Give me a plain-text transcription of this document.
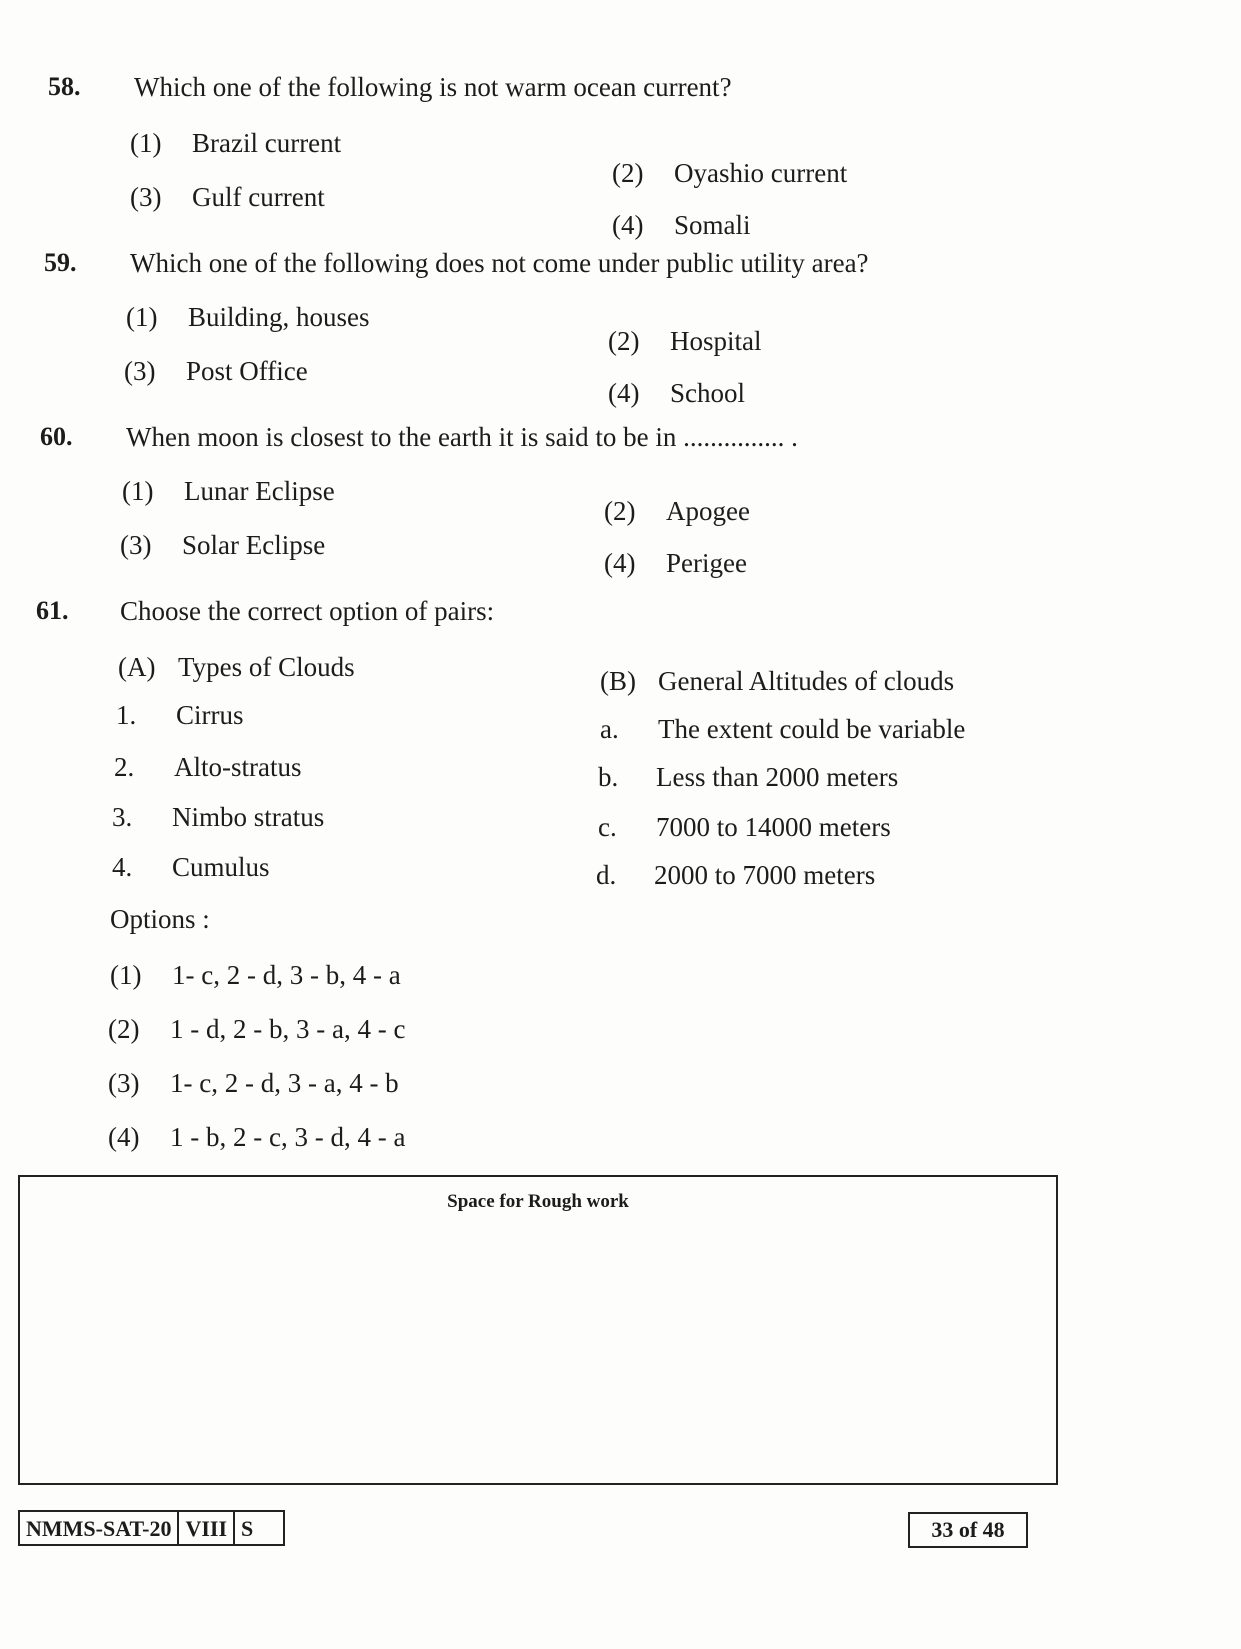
58. Which one of the following is not warm ocean current?
(1) Brazil current
(2) Oyashio current
(3) Gulf current
(4) Somali
59. Which one of the following does not come under public utility area?
(1) Building, houses
(2) Hospital
(3) Post Office
(4) School
60. When moon is closest to the earth it is said to be in ............... .
(1) Lunar Eclipse
(2) Apogee
(3) Solar Eclipse
(4) Perigee
61. Choose the correct option of pairs:
(A) Types of Clouds	(B) General Altitudes of clouds
1. Cirrus
2. Alto-stratus
3. Nimbo stratus
4. Cumulus
a. The extent could be variable
b. Less than 2000 meters
c. 7000 to 14000 meters
d. 2000 to 7000 meters
Options :
(1) 1- c, 2 - d, 3 - b, 4 - a
(2) 1 - d, 2 - b, 3 - a, 4 - c
(3) 1- c, 2 - d, 3 - a, 4 - b
(4) 1 - b, 2 - c, 3 - d, 4 - a
Space for Rough work
NMMS-SAT-20 VIII S	33 of 48
